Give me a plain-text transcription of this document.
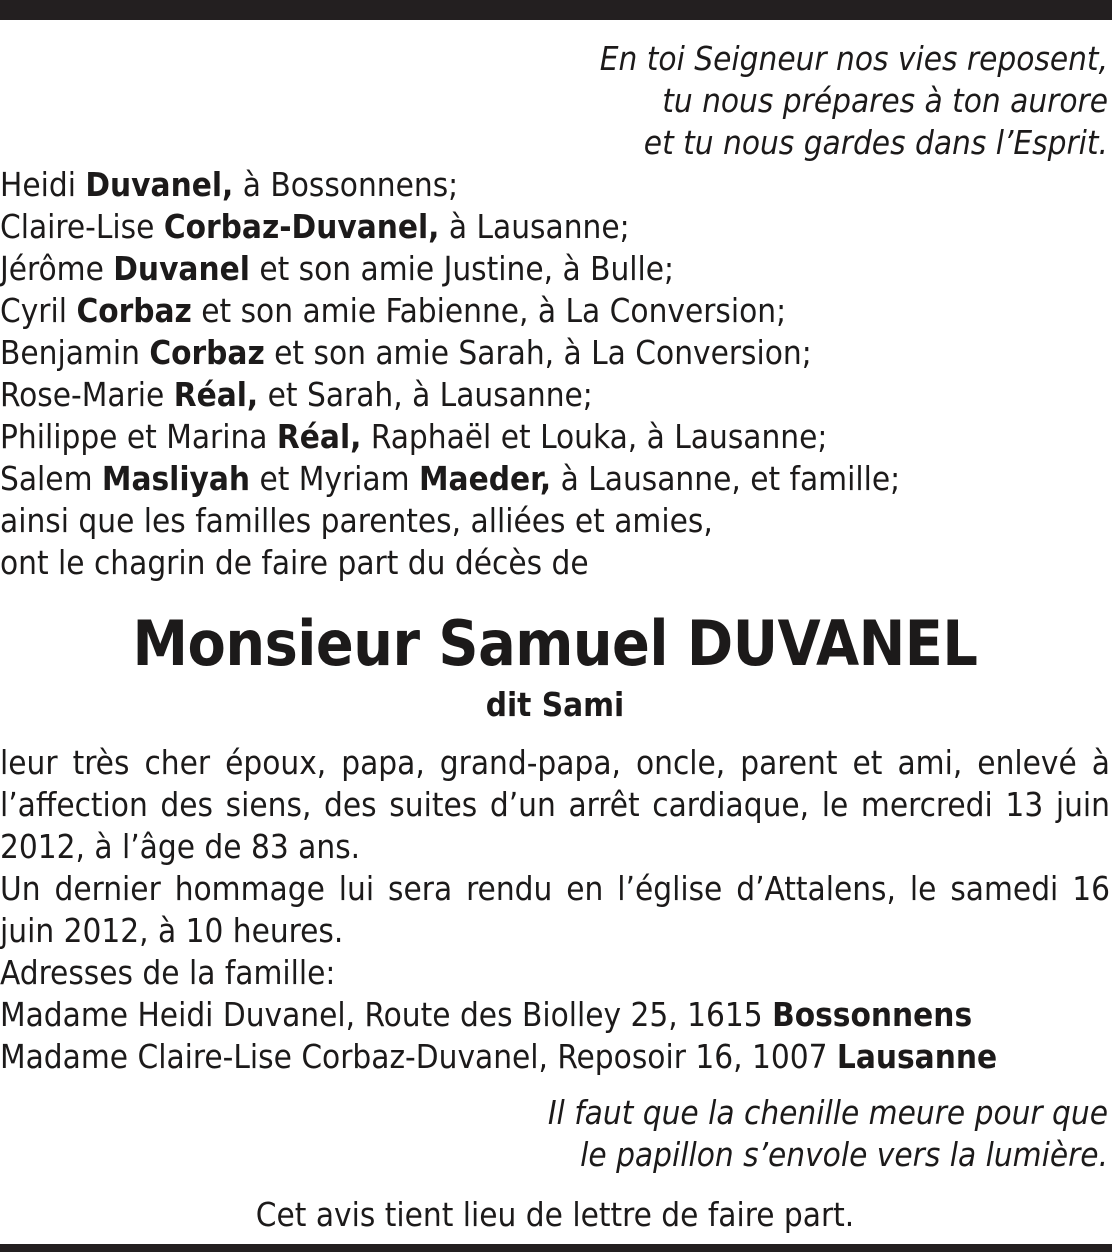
En toi Seigneur nos vies reposent,
tu nous prépares à ton aurore
et tu nous gardes dans l’Esprit.

Heidi Duvanel, à Bossonnens;
Claire-Lise Corbaz-Duvanel, à Lausanne;
Jérôme Duvanel et son amie Justine, à Bulle;
Cyril Corbaz et son amie Fabienne, à La Conversion;
Benjamin Corbaz et son amie Sarah, à La Conversion;
Rose-Marie Réal, et Sarah, à Lausanne;
Philippe et Marina Réal, Raphaël et Louka, à Lausanne;
Salem Masliyah et Myriam Maeder, à Lausanne, et famille;
ainsi que les familles parentes, alliées et amies,
ont le chagrin de faire part du décès de

Monsieur Samuel DUVANEL
dit Sami

leur très cher époux, papa, grand-papa, oncle, parent et ami, enlevé à l’affection des siens, des suites d’un arrêt cardiaque, le mercredi 13 juin 2012, à l’âge de 83 ans.

Un dernier hommage lui sera rendu en l’église d’Attalens, le samedi 16 juin 2012, à 10 heures.

Adresses de la famille:
Madame Heidi Duvanel, Route des Biolley 25, 1615 Bossonnens
Madame Claire-Lise Corbaz-Duvanel, Reposoir 16, 1007 Lausanne

Il faut que la chenille meure pour que
le papillon s’envole vers la lumière.

Cet avis tient lieu de lettre de faire part.
